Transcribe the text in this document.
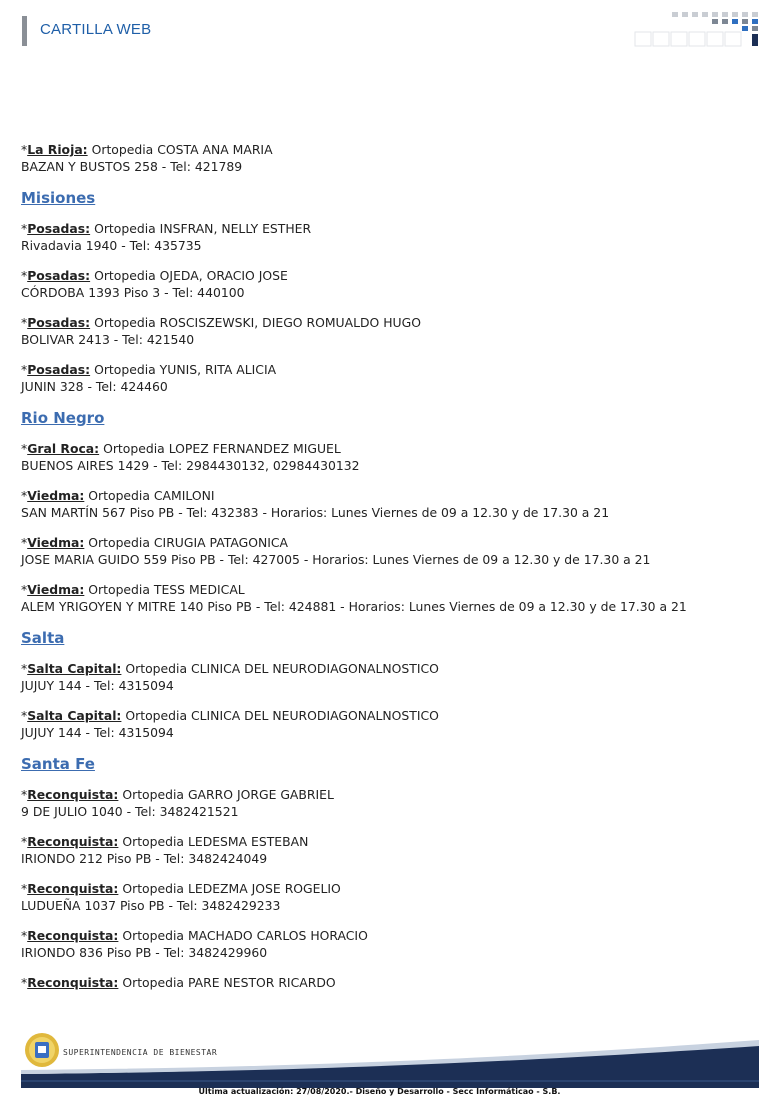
CARTILLA WEB
*La Rioja: Ortopedia COSTA ANA MARIA
BAZAN Y BUSTOS 258 - Tel: 421789
Misiones
*Posadas: Ortopedia INSFRAN, NELLY ESTHER
Rivadavia 1940 - Tel: 435735
*Posadas: Ortopedia OJEDA, ORACIO JOSE
CÓRDOBA 1393 Piso 3 - Tel: 440100
*Posadas: Ortopedia ROSCISZEWSKI, DIEGO ROMUALDO HUGO
BOLIVAR 2413 - Tel: 421540
*Posadas: Ortopedia YUNIS, RITA ALICIA
JUNIN 328 - Tel: 424460
Rio Negro
*Gral Roca: Ortopedia LOPEZ FERNANDEZ MIGUEL
BUENOS AIRES 1429 - Tel: 2984430132, 02984430132
*Viedma: Ortopedia CAMILONI
SAN MARTÍN 567 Piso PB - Tel: 432383 - Horarios: Lunes Viernes de 09 a 12.30 y de 17.30 a 21
*Viedma: Ortopedia CIRUGIA PATAGONICA
JOSE MARIA GUIDO 559 Piso PB - Tel: 427005 - Horarios: Lunes Viernes de 09 a 12.30 y de 17.30 a 21
*Viedma: Ortopedia TESS MEDICAL
ALEM YRIGOYEN Y MITRE 140 Piso PB - Tel: 424881 - Horarios: Lunes Viernes de 09 a 12.30 y de 17.30 a 21
Salta
*Salta Capital: Ortopedia CLINICA DEL NEURODIAGONALNOSTICO
JUJUY 144 - Tel: 4315094
*Salta Capital: Ortopedia CLINICA DEL NEURODIAGONALNOSTICO
JUJUY 144 - Tel: 4315094
Santa Fe
*Reconquista: Ortopedia GARRO JORGE GABRIEL
9 DE JULIO 1040 - Tel: 3482421521
*Reconquista: Ortopedia LEDESMA ESTEBAN
IRIONDO 212 Piso PB - Tel: 3482424049
*Reconquista: Ortopedia LEDEZMA JOSE ROGELIO
LUDUEÑA 1037 Piso PB - Tel: 3482429233
*Reconquista: Ortopedia MACHADO CARLOS HORACIO
IRIONDO 836 Piso PB - Tel: 3482429960
*Reconquista: Ortopedia PARE NESTOR RICARDO
SUPERINTENDENCIA DE BIENESTAR
Ultima actualización: 27/08/2020.- Diseño y Desarrollo - Secc Informáticao - S.B.
